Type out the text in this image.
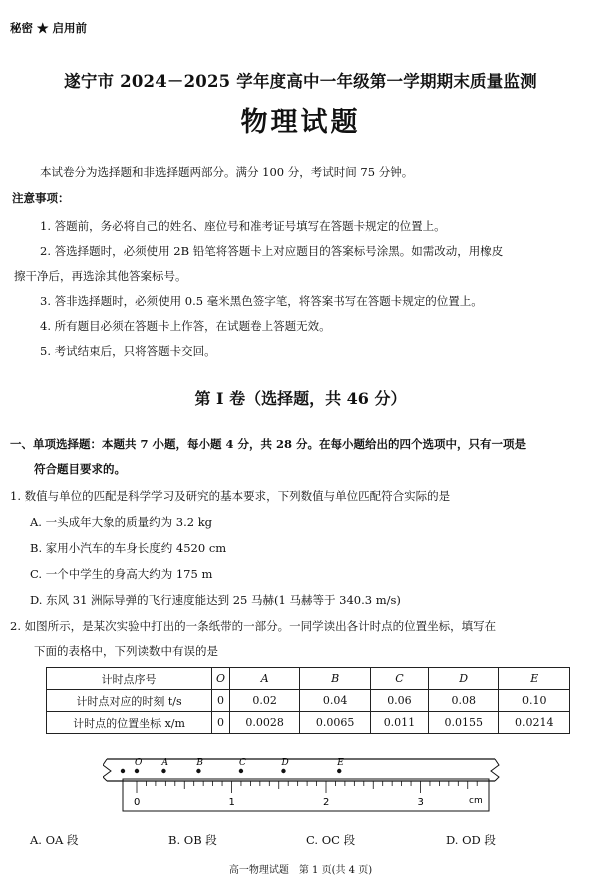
秘密 ★ 启用前
遂宁市 2024－2025 学年度高中一年级第一学期期末质量监测
物理试题
本试卷分为选择题和非选择题两部分。满分 100 分，考试时间 75 分钟。
注意事项：
1. 答题前，务必将自己的姓名、座位号和准考证号填写在答题卡规定的位置上。
2. 答选择题时，必须使用 2B 铅笔将答题卡上对应题目的答案标号涂黑。如需改动，用橡皮
擦干净后，再选涂其他答案标号。
3. 答非选择题时，必须使用 0.5 毫米黑色签字笔，将答案书写在答题卡规定的位置上。
4. 所有题目必须在答题卡上作答，在试题卷上答题无效。
5. 考试结束后，只将答题卡交回。
第 Ⅰ 卷（选择题，共 46 分）
一、单项选择题：本题共 7 小题，每小题 4 分，共 28 分。在每小题给出的四个选项中，只有一项是
符合题目要求的。
1. 数值与单位的匹配是科学学习及研究的基本要求，下列数值与单位匹配符合实际的是
A. 一头成年大象的质量约为 3.2 kg
B. 家用小汽车的车身长度约 4520 cm
C. 一个中学生的身高大约为 175 m
D. 东风 31 洲际导弹的飞行速度能达到 25 马赫(1 马赫等于 340.3 m/s)
2. 如图所示，是某次实验中打出的一条纸带的一部分。一同学读出各计时点的位置坐标，填写在
下面的表格中，下列读数中有误的是
计时点序号	O	A	B	C	D	E
计时点对应的时刻 t/s	0	0.02	0.04	0.06	0.08	0.10
计时点的位置坐标 x/m	0	0.0028	0.0065	0.011	0.0155	0.0214
O A	B	C	D	E
0	1	2	3	cm
A. OA 段	B. OB 段	C. OC 段	D. OD 段
高一物理试题　第 1 页(共 4 页)
